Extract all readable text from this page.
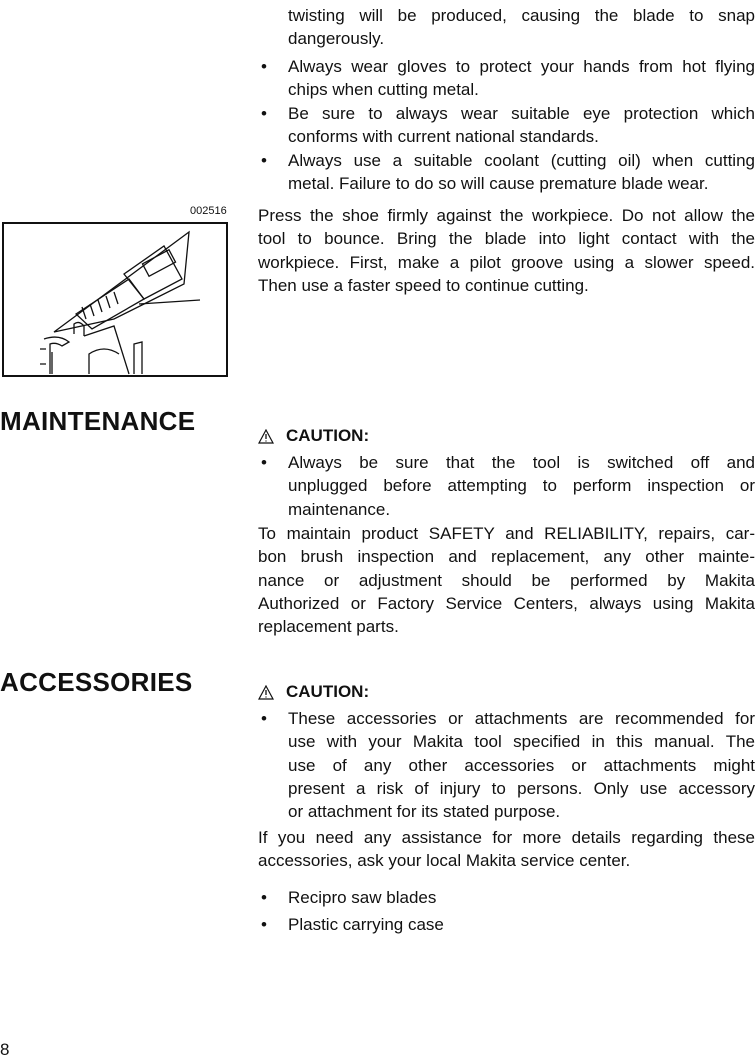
twisting will be produced, causing the blade to snap
dangerously.
• Always wear gloves to protect your hands from hot flying
chips when cutting metal.
• Be sure to always wear suitable eye protection which
conforms with current national standards.
• Always use a suitable coolant (cutting oil) when cutting
metal. Failure to do so will cause premature blade wear.
002516 Press the shoe firmly against the workpiece. Do not allow the
tool to bounce. Bring the blade into light contact with the
workpiece. First, make a pilot groove using a slower speed.
Then use a faster speed to continue cutting.
MAINTENANCE	CAUTION:
• Always be sure that the tool is switched off and
unplugged before attempting to perform inspection or
maintenance.
To maintain product SAFETY and RELIABILITY, repairs, car-
bon brush inspection and replacement, any other mainte-
nance or adjustment should be performed by Makita
Authorized or Factory Service Centers, always using Makita
replacement parts.
ACCESSORIES	CAUTION:
• These accessories or attachments are recommended for
use with your Makita tool specified in this manual. The
use of any other accessories or attachments might
present a risk of injury to persons. Only use accessory
or attachment for its stated purpose.
If you need any assistance for more details regarding these
accessories, ask your local Makita service center.
• Recipro saw blades
• Plastic carrying case
8
